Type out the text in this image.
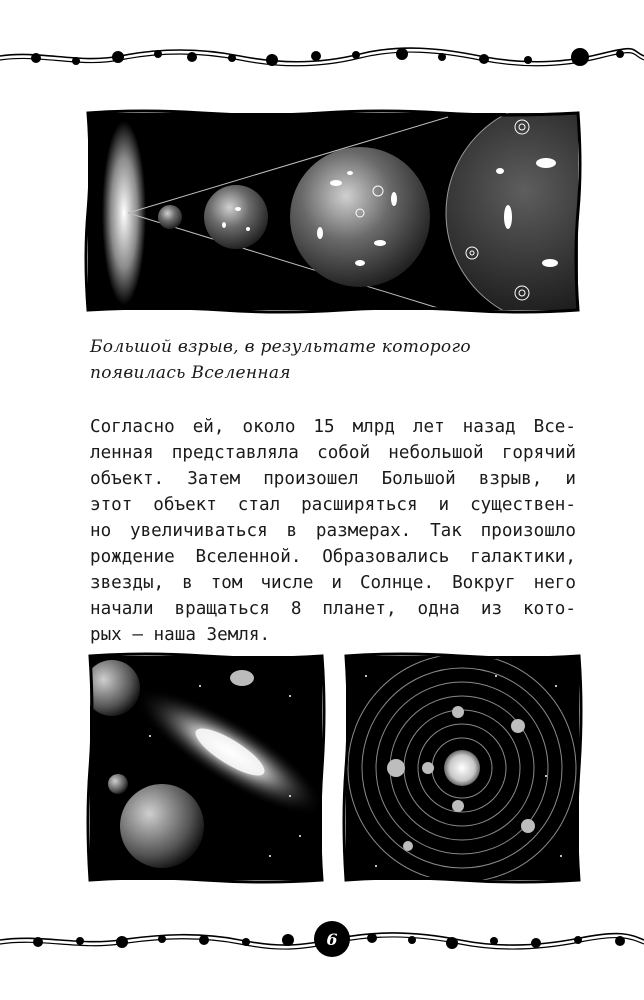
Большой взрыв, в результате которого
появилась Вселенная

Согласно ей, около 15 млрд лет назад Все-
ленная представляла собой небольшой горячий
объект. Затем произошел Большой взрыв, и
этот объект стал расширяться и существен-
но увеличиваться в размерах. Так произошло
рождение Вселенной. Образовались галактики,
звезды, в том числе и Солнце. Вокруг него
начали вращаться 8 планет, одна из кото-
рых — наша Земля.

6
